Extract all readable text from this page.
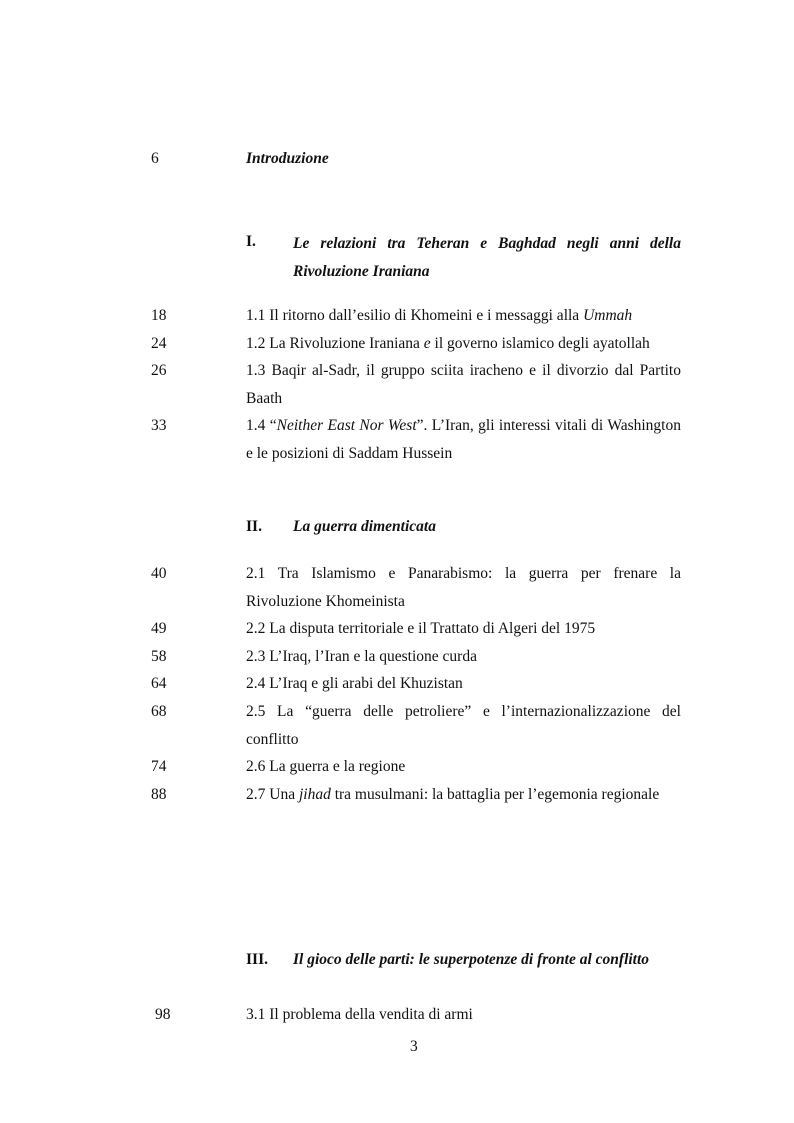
6	Introduzione
I. Le relazioni tra Teheran e Baghdad negli anni della Rivoluzione Iraniana
18	1.1 Il ritorno dall’esilio di Khomeini e i messaggi alla Ummah
24	1.2 La Rivoluzione Iraniana e il governo islamico degli ayatollah
26	1.3 Baqir al-Sadr, il gruppo sciita iracheno e il divorzio dal Partito Baath
33	1.4 “Neither East Nor West”. L’Iran, gli interessi vitali di Washington e le posizioni di Saddam Hussein
II. La guerra dimenticata
40	2.1 Tra Islamismo e Panarabismo: la guerra per frenare la Rivoluzione Khomeinista
49	2.2 La disputa territoriale e il Trattato di Algeri del 1975
58	2.3 L’Iraq, l’Iran e la questione curda
64	2.4 L’Iraq e gli arabi del Khuzistan
68	2.5 La “guerra delle petroliere” e l’internazionalizzazione del conflitto
74	2.6 La guerra e la regione
88	2.7 Una jihad tra musulmani: la battaglia per l’egemonia regionale
III. Il gioco delle parti: le superpotenze di fronte al conflitto
98	3.1 Il problema della vendita di armi
3
